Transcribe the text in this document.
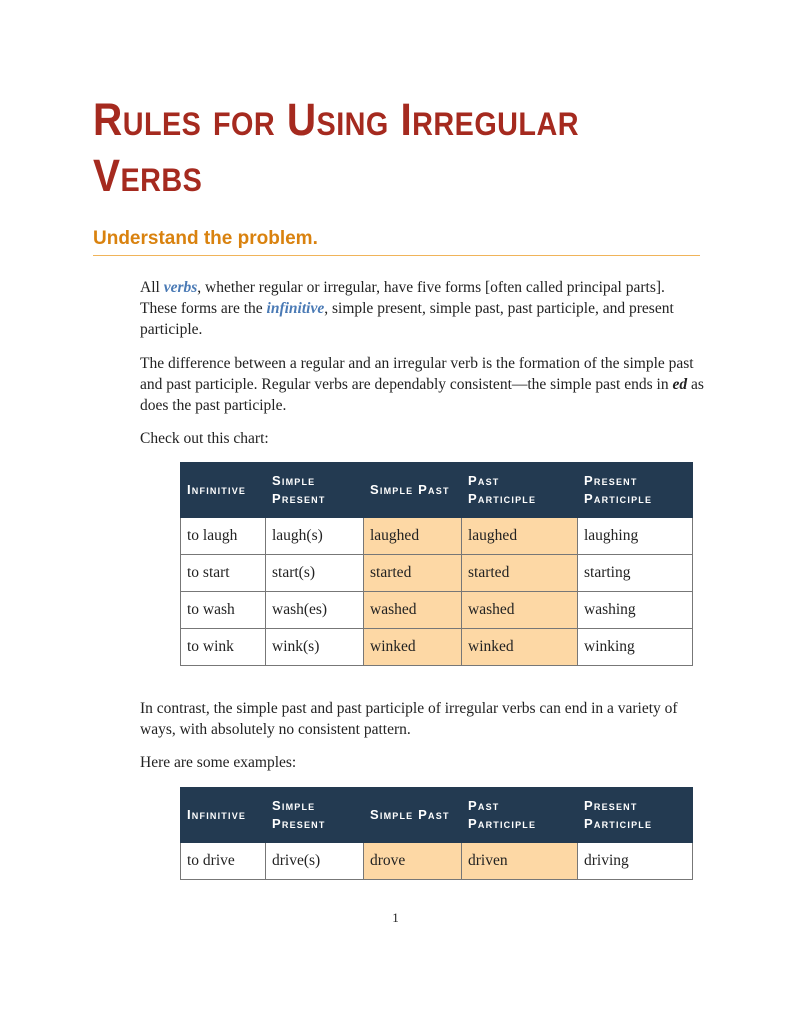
Rules for Using Irregular Verbs
Understand the problem.

All verbs, whether regular or irregular, have five forms [often called principal parts]. These forms are the infinitive, simple present, simple past, past participle, and present participle.

The difference between a regular and an irregular verb is the formation of the simple past and past participle. Regular verbs are dependably consistent—the simple past ends in ed as does the past participle.

Check out this chart:

Infinitive	Simple Present	Simple Past	Past Participle	Present Participle
to laugh	laugh(s)	laughed	laughed	laughing
to start	start(s)	started	started	starting
to wash	wash(es)	washed	washed	washing
to wink	wink(s)	winked	winked	winking

In contrast, the simple past and past participle of irregular verbs can end in a variety of ways, with absolutely no consistent pattern.

Here are some examples:

Infinitive	Simple Present	Simple Past	Past Participle	Present Participle
to drive	drive(s)	drove	driven	driving
1
